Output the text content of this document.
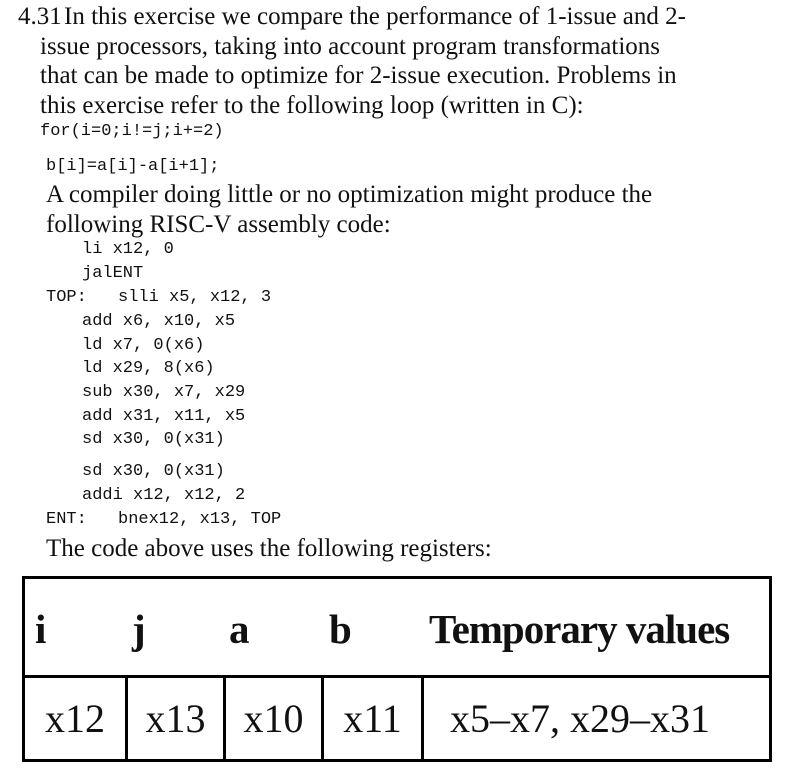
4.31In this exercise we compare the performance of 1-issue and 2-
issue processors, taking into account program transformations
that can be made to optimize for 2-issue execution. Problems in
this exercise refer to the following loop (written in C):
for(i=0;i!=j;i+=2)
b[i]=a[i]-a[i+1];
A compiler doing little or no optimization might produce the
following RISC-V assembly code:
li x12, 0
jalENT
TOP: slli x5, x12, 3
add x6, x10, x5
ld x7, 0(x6)
ld x29, 8(x6)
sub x30, x7, x29
add x31, x11, x5
sd x30, 0(x31)
sd x30, 0(x31)
addi x12, x12, 2
ENT: bnex12, x13, TOP
The code above uses the following registers:
i j a b Temporary values
x12	x13 x10 x11	x5–x7, x29–x31
